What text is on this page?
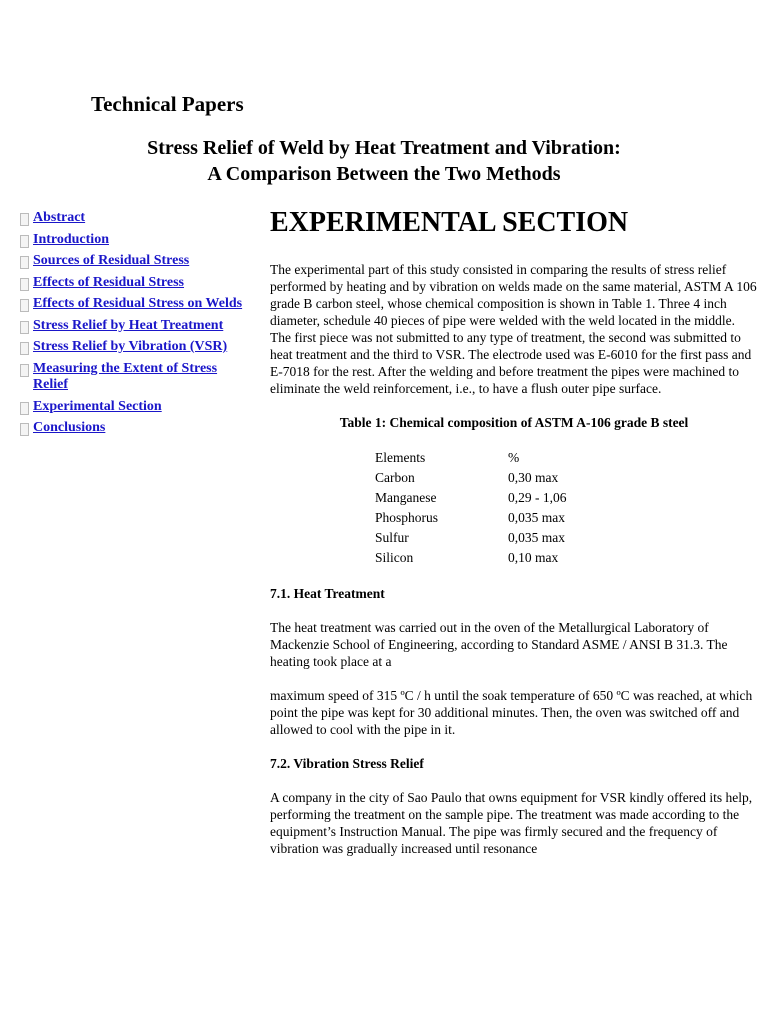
Technical Papers
Stress Relief of Weld by Heat Treatment and Vibration:
A Comparison Between the Two Methods
Abstract
Introduction
Sources of Residual Stress
Effects of Residual Stress
Effects of Residual Stress on Welds
Stress Relief by Heat Treatment
Stress Relief by Vibration (VSR)
Measuring the Extent of Stress Relief
Experimental Section
Conclusions
EXPERIMENTAL SECTION

The experimental part of this study consisted in comparing the results of stress relief performed by heating and by vibration on welds made on the same material, ASTM A 106 grade B carbon steel, whose chemical composition is shown in Table 1. Three 4 inch diameter, schedule 40 pieces of pipe were welded with the weld located in the middle. The first piece was not submitted to any type of treatment, the second was submitted to heat treatment and the third to VSR. The electrode used was E-6010 for the first pass and E-7018 for the rest. After the welding and before treatment the pipes were machined to eliminate the weld reinforcement, i.e., to have a flush outer pipe surface.

Table 1: Chemical composition of ASTM A-106 grade B steel
Elements	%
Carbon	0,30 max
Manganese	0,29 - 1,06
Phosphorus	0,035 max
Sulfur	0,035 max
Silicon	0,10 max
7.1. Heat Treatment

The heat treatment was carried out in the oven of the Metallurgical Laboratory of Mackenzie School of Engineering, according to Standard ASME / ANSI B 31.3. The heating took place at a

maximum speed of 315 ºC / h until the soak temperature of 650 ºC was reached, at which point the pipe was kept for 30 additional minutes. Then, the oven was switched off and allowed to cool with the pipe in it.

7.2. Vibration Stress Relief

A company in the city of Sao Paulo that owns equipment for VSR kindly offered its help, performing the treatment on the sample pipe. The treatment was made according to the equipment’s Instruction Manual. The pipe was firmly secured and the frequency of vibration was gradually increased until resonance
